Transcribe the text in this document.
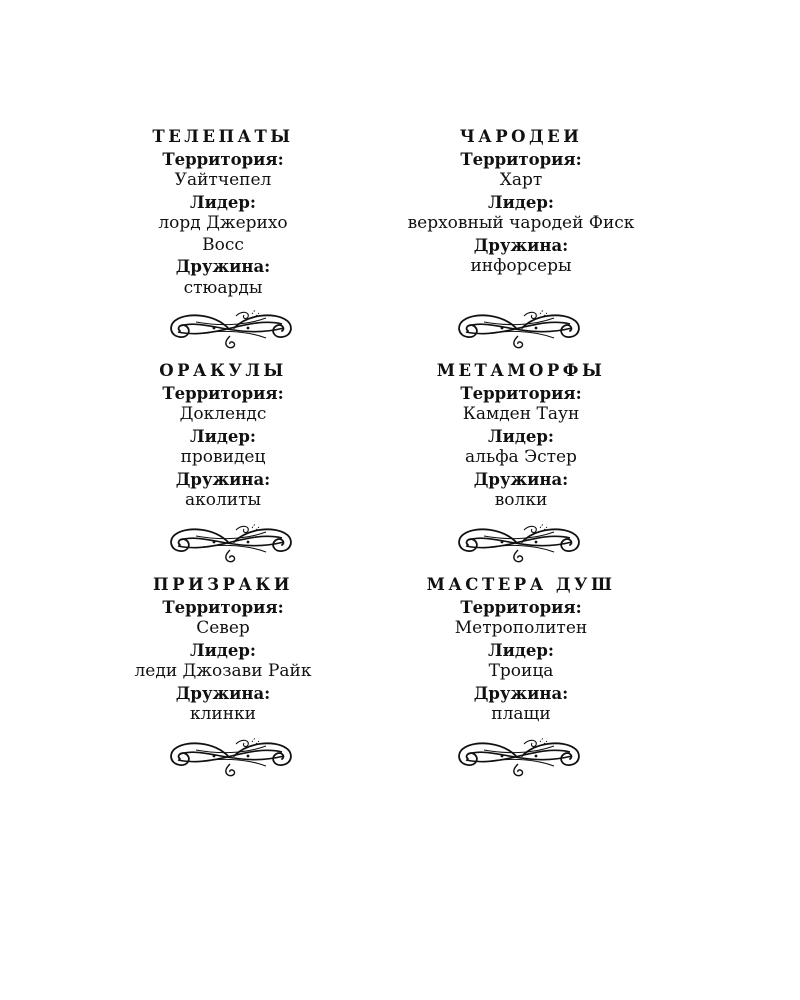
ТЕЛЕПАТЫ
Территория:
Уайтчепел
Лидер:
лорд Джерихо
Восс
Дружина:
стюарды
ЧАРОДЕИ
Территория:
Харт
Лидер:
верховный чародей Фиск
Дружина:
инфорсеры
ОРАКУЛЫ
Территория:
Доклендс
Лидер:
провидец
Дружина:
аколиты
МЕТАМОРФЫ
Территория:
Камден Таун
Лидер:
альфа Эстер
Дружина:
волки
ПРИЗРАКИ
Территория:
Север
Лидер:
леди Джозави Райк
Дружина:
клинки
МАСТЕРА ДУШ
Территория:
Метрополитен
Лидер:
Троица
Дружина:
плащи
